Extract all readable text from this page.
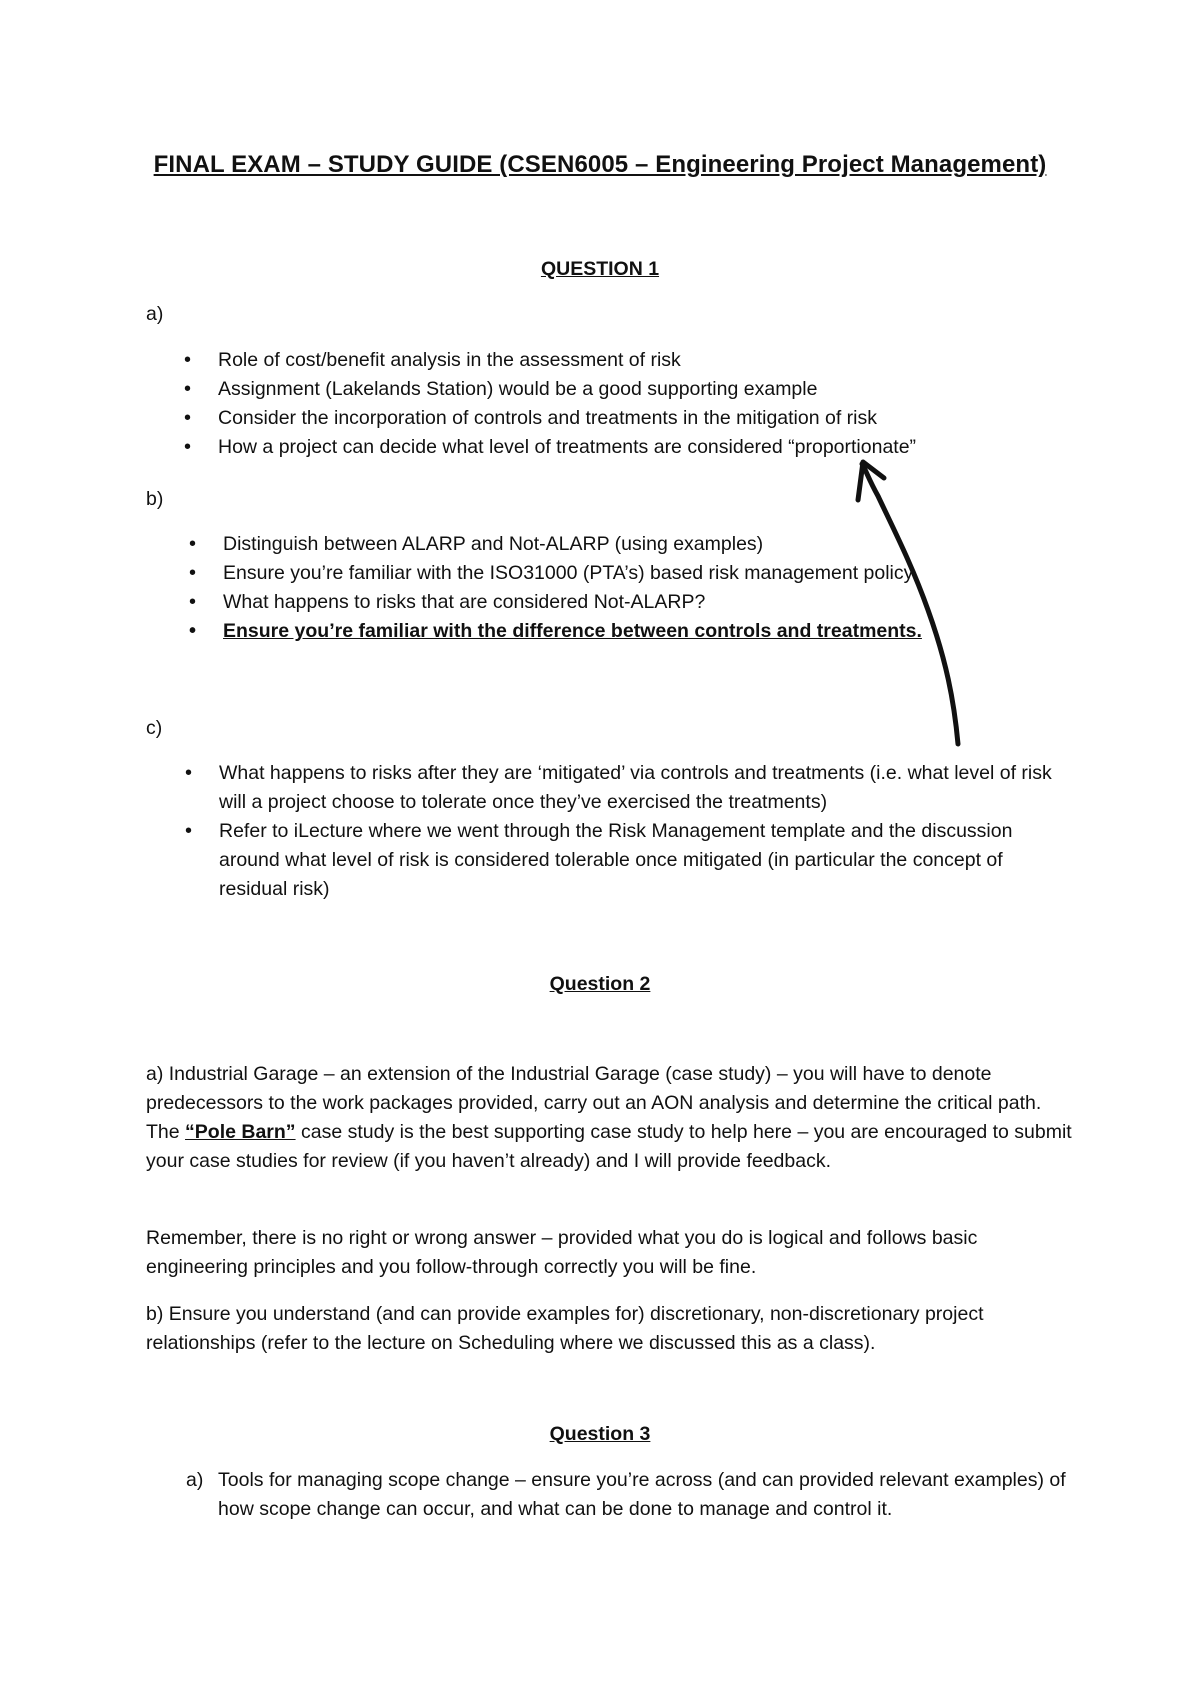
FINAL EXAM – STUDY GUIDE (CSEN6005 – Engineering Project Management)
QUESTION 1
a)
• Role of cost/benefit analysis in the assessment of risk
• Assignment (Lakelands Station) would be a good supporting example
• Consider the incorporation of controls and treatments in the mitigation of risk
• How a project can decide what level of treatments are considered “proportionate”
b)
• Distinguish between ALARP and Not-ALARP (using examples)
• Ensure you’re familiar with the ISO31000 (PTA’s) based risk management policy
• What happens to risks that are considered Not-ALARP?
• Ensure you’re familiar with the difference between controls and treatments.
c)
• What happens to risks after they are ‘mitigated’ via controls and treatments (i.e. what level of risk will a project choose to tolerate once they’ve exercised the treatments)
• Refer to iLecture where we went through the Risk Management template and the discussion around what level of risk is considered tolerable once mitigated (in particular the concept of residual risk)
Question 2
a) Industrial Garage – an extension of the Industrial Garage (case study) – you will have to denote predecessors to the work packages provided, carry out an AON analysis and determine the critical path. The “Pole Barn” case study is the best supporting case study to help here – you are encouraged to submit your case studies for review (if you haven’t already) and I will provide feedback.
Remember, there is no right or wrong answer – provided what you do is logical and follows basic engineering principles and you follow-through correctly you will be fine.
b) Ensure you understand (and can provide examples for) discretionary, non-discretionary project relationships (refer to the lecture on Scheduling where we discussed this as a class).
Question 3
a) Tools for managing scope change – ensure you’re across (and can provided relevant examples) of how scope change can occur, and what can be done to manage and control it.
